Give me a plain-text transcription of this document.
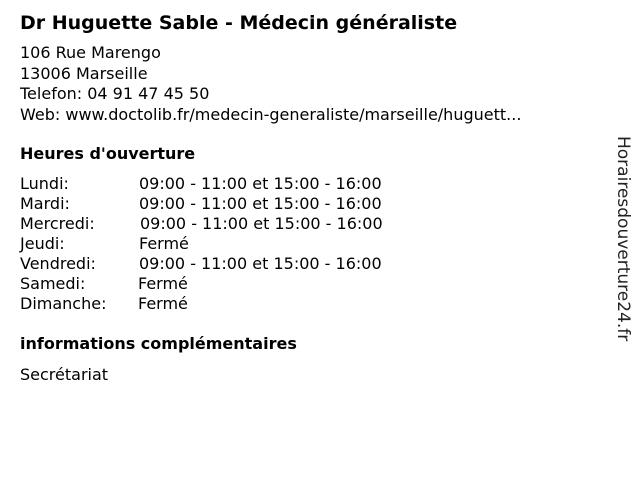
Dr Huguette Sable - Médecin généraliste
106 Rue Marengo
13006 Marseille
Telefon: 04 91 47 45 50
Web: www.doctolib.fr/medecin-generaliste/marseille/huguett...
Heures d'ouverture
Lundi:	09:00 - 11:00 et 15:00 - 16:00
Mardi:	09:00 - 11:00 et 15:00 - 16:00
Mercredi:	09:00 - 11:00 et 15:00 - 16:00
Jeudi:	Fermé
Vendredi:	09:00 - 11:00 et 15:00 - 16:00
Samedi:	Fermé
Dimanche: Fermé
informations complémentaires
Secrétariat
Horairesdouverture24.fr
